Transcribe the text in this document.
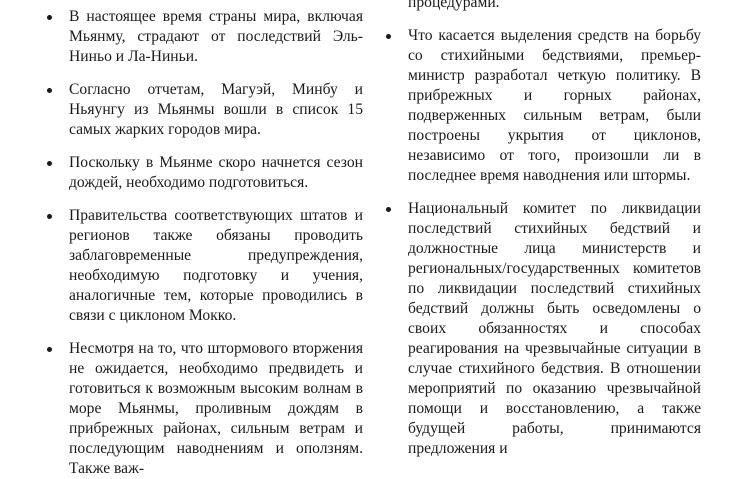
В настоящее время страны мира, включая Мьянму, страдают от последствий Эль-Ниньо и Ла-Ниньи.
Согласно отчетам, Магуэй, Минбу и Ньяунгу из Мьянмы вошли в список 15 самых жарких городов мира.
Поскольку в Мьянме скоро начнется сезон дождей, необходимо подготовиться.
Правительства соответствующих штатов и регионов также обязаны проводить заблаговременные предупреждения, необходимую подготовку и учения, аналогичные тем, которые проводились в связи с циклоном Мокко.
Несмотря на то, что штормового вторжения не ожидается, необходимо предвидеть и готовиться к возможным высоким волнам в море Мьянмы, проливным дождям в прибрежных районах, сильным ветрам и последующим наводнениям и оползням. Также важ-
процедурами.
Что касается выделения средств на борьбу со стихийными бедствиями, премьер-министр разработал четкую политику. В прибрежных и горных районах, подверженных сильным ветрам, были построены укрытия от циклонов, независимо от того, произошли ли в последнее время наводнения или штормы.
Национальный комитет по ликвидации последствий стихийных бедствий и должностные лица министерств и региональных/государственных комитетов по ликвидации последствий стихийных бедствий должны быть осведомлены о своих обязанностях и способах реагирования на чрезвычайные ситуации в случае стихийного бедствия. В отношении мероприятий по оказанию чрезвычайной помощи и восстановлению, а также будущей работы, принимаются предложения и
